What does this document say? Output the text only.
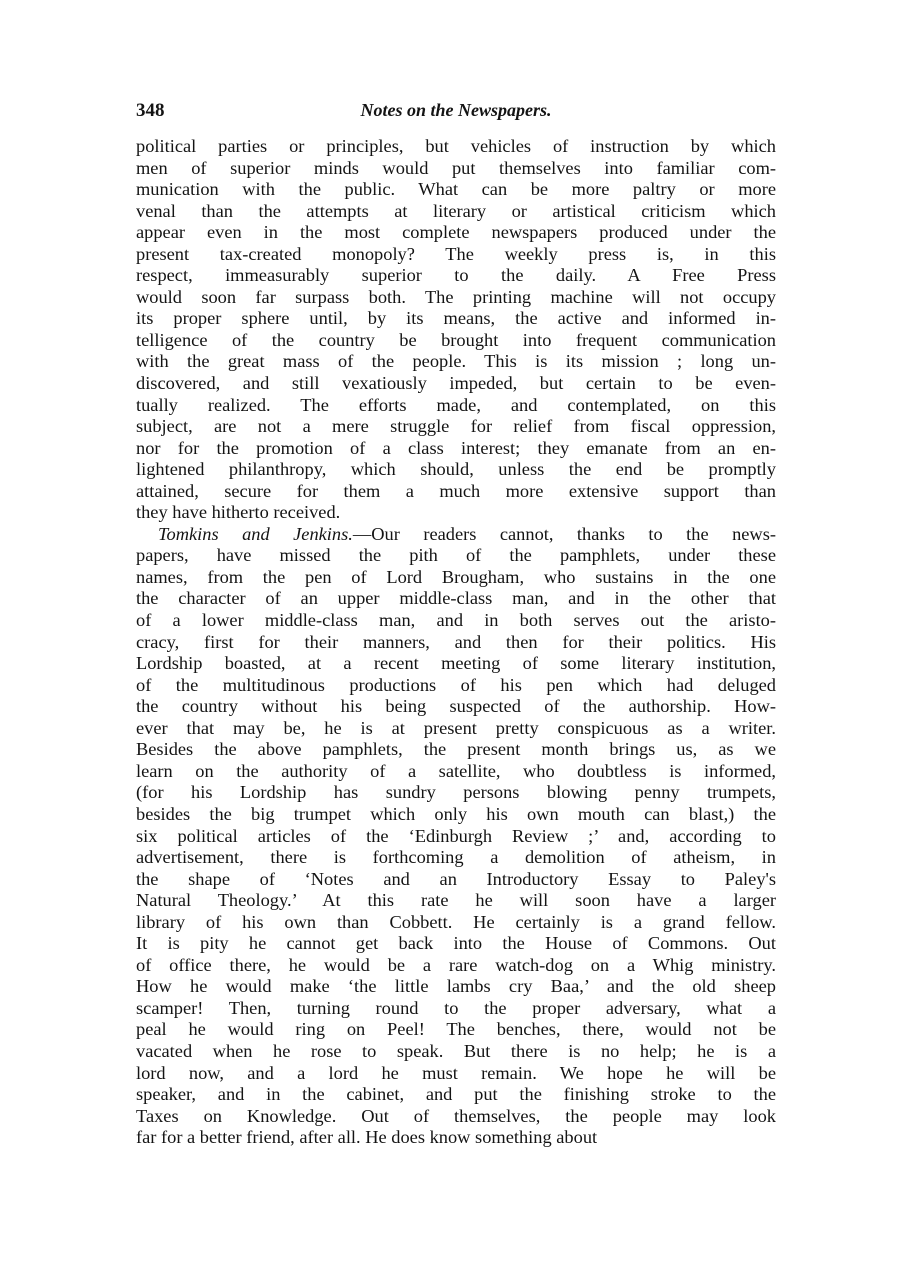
348	Notes on the Newspapers.
political parties or principles, but vehicles of instruction by which
men of superior minds would put themselves into familiar com-
munication with the public. What can be more paltry or more
venal than the attempts at literary or artistical criticism which
appear even in the most complete newspapers produced under the
present tax-created monopoly? The weekly press is, in this
respect, immeasurably superior to the daily. A Free Press
would soon far surpass both. The printing machine will not occupy
its proper sphere until, by its means, the active and informed in-
telligence of the country be brought into frequent communication
with the great mass of the people. This is its mission ; long un-
discovered, and still vexatiously impeded, but certain to be even-
tually realized. The efforts made, and contemplated, on this
subject, are not a mere struggle for relief from fiscal oppression,
nor for the promotion of a class interest; they emanate from an en-
lightened philanthropy, which should, unless the end be promptly
attained, secure for them a much more extensive support than
they have hitherto received.
Tomkins and Jenkins.—Our readers cannot, thanks to the news-
papers, have missed the pith of the pamphlets, under these
names, from the pen of Lord Brougham, who sustains in the one
the character of an upper middle-class man, and in the other that
of a lower middle-class man, and in both serves out the aristo-
cracy, first for their manners, and then for their politics. His
Lordship boasted, at a recent meeting of some literary institution,
of the multitudinous productions of his pen which had deluged
the country without his being suspected of the authorship. How-
ever that may be, he is at present pretty conspicuous as a writer.
Besides the above pamphlets, the present month brings us, as we
learn on the authority of a satellite, who doubtless is informed,
(for his Lordship has sundry persons blowing penny trumpets,
besides the big trumpet which only his own mouth can blast,) the
six political articles of the ‘Edinburgh Review ;’ and, according to
advertisement, there is forthcoming a demolition of atheism, in
the shape of ‘Notes and an Introductory Essay to Paley's
Natural Theology.’ At this rate he will soon have a larger
library of his own than Cobbett. He certainly is a grand fellow.
It is pity he cannot get back into the House of Commons. Out
of office there, he would be a rare watch-dog on a Whig ministry.
How he would make ‘the little lambs cry Baa,’ and the old sheep
scamper! Then, turning round to the proper adversary, what a
peal he would ring on Peel! The benches, there, would not be
vacated when he rose to speak. But there is no help; he is a
lord now, and a lord he must remain. We hope he will be
speaker, and in the cabinet, and put the finishing stroke to the
Taxes on Knowledge. Out of themselves, the people may look
far for a better friend, after all. He does know something about
